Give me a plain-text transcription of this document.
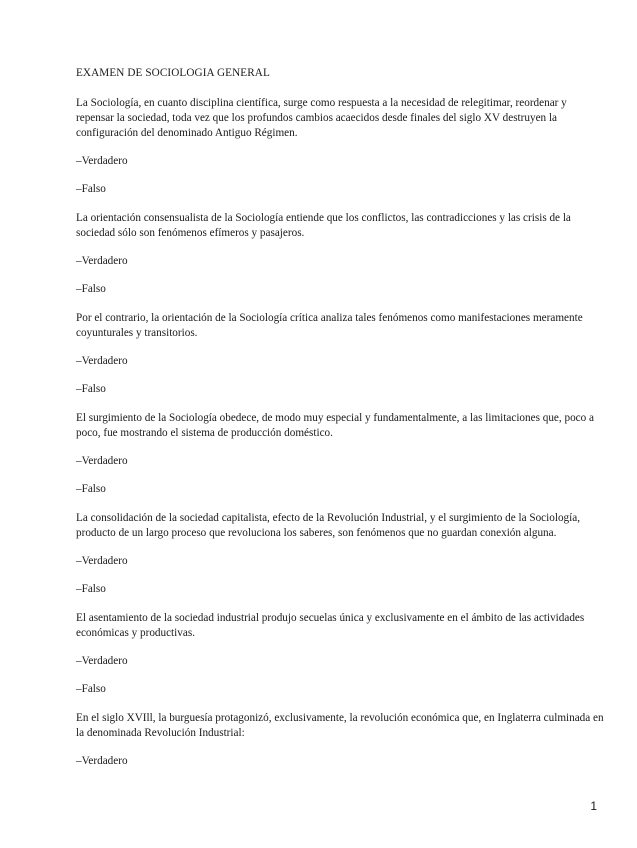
EXAMEN DE SOCIOLOGIA GENERAL

La Sociología, en cuanto disciplina científica, surge como respuesta a la necesidad de relegitimar, reordenar y repensar la sociedad, toda vez que los profundos cambios acaecidos desde finales del siglo XV destruyen la configuración del denominado Antiguo Régimen.

–Verdadero

–Falso

La orientación consensualista de la Sociología entiende que los conflictos, las contradicciones y las crisis de la sociedad sólo son fenómenos efímeros y pasajeros.

–Verdadero

–Falso

Por el contrario, la orientación de la Sociología crítica analiza tales fenómenos como manifestaciones meramente coyunturales y transitorios.

–Verdadero

–Falso

El surgimiento de la Sociología obedece, de modo muy especial y fundamentalmente, a las limitaciones que, poco a poco, fue mostrando el sistema de producción doméstico.

–Verdadero

–Falso

La consolidación de la sociedad capitalista, efecto de la Revolución Industrial, y el surgimiento de la Sociología, producto de un largo proceso que revoluciona los saberes, son fenómenos que no guardan conexión alguna.

–Verdadero

–Falso

El asentamiento de la sociedad industrial produjo secuelas única y exclusivamente en el ámbito de las actividades económicas y productivas.

–Verdadero

–Falso

En el siglo XVIll, la burguesía protagonizó, exclusivamente, la revolución económica que, en Inglaterra culminada en la denominada Revolución Industrial:

–Verdadero

1
